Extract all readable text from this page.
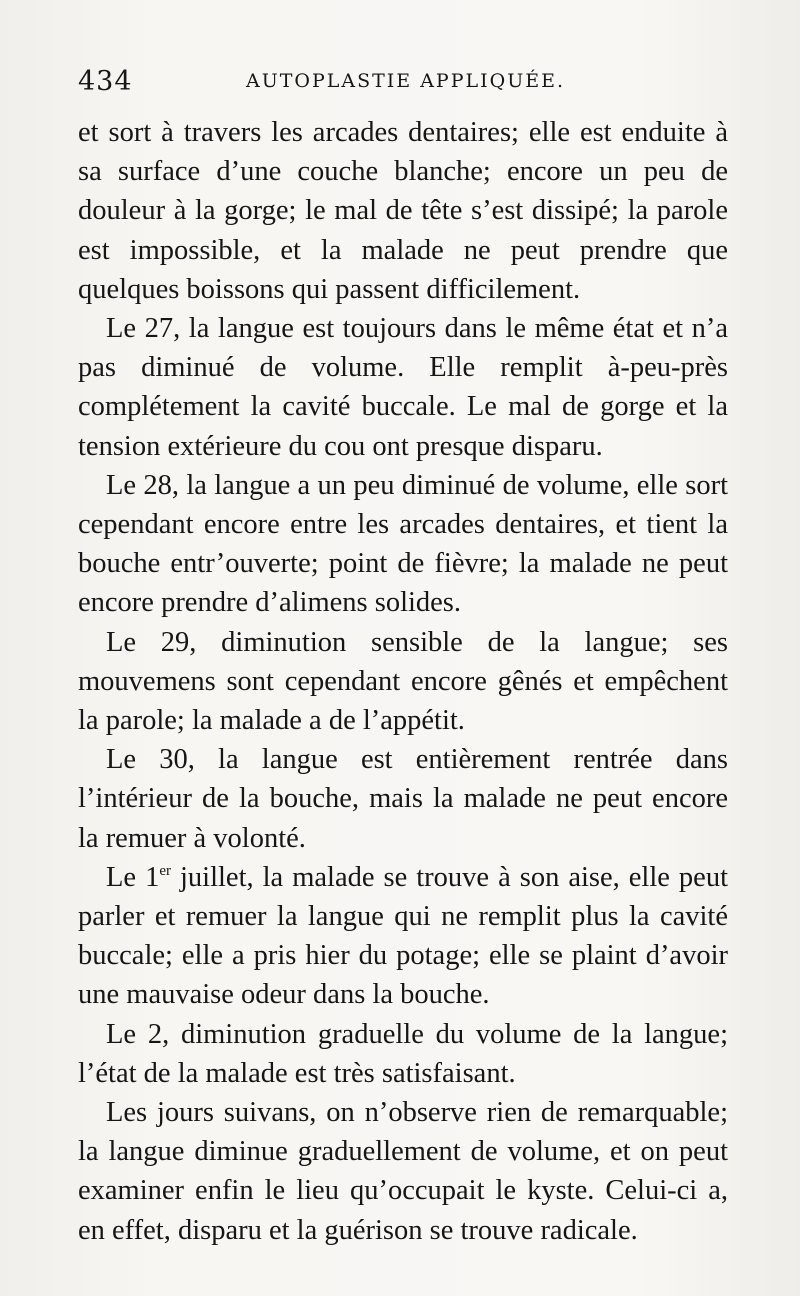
434	AUTOPLASTIE APPLIQUÉE.

et sort à travers les arcades dentaires; elle est enduite à sa surface d’une couche blanche; encore un peu de douleur à la gorge; le mal de tête s’est dissipé; la parole est impossible, et la malade ne peut prendre que quelques boissons qui passent difficilement.

Le 27, la langue est toujours dans le même état et n’a pas diminué de volume. Elle remplit à-peu-près complétement la cavité buccale. Le mal de gorge et la tension extérieure du cou ont presque disparu.

Le 28, la langue a un peu diminué de volume, elle sort cependant encore entre les arcades dentaires, et tient la bouche entr’ouverte; point de fièvre; la malade ne peut encore prendre d’alimens solides.

Le 29, diminution sensible de la langue; ses mouvemens sont cependant encore gênés et empêchent la parole; la malade a de l’appétit.

Le 30, la langue est entièrement rentrée dans l’intérieur de la bouche, mais la malade ne peut encore la remuer à volonté.

Le 1er juillet, la malade se trouve à son aise, elle peut parler et remuer la langue qui ne remplit plus la cavité buccale; elle a pris hier du potage; elle se plaint d’avoir une mauvaise odeur dans la bouche.

Le 2, diminution graduelle du volume de la langue; l’état de la malade est très satisfaisant.

Les jours suivans, on n’observe rien de remarquable; la langue diminue graduellement de volume, et on peut examiner enfin le lieu qu’occupait le kyste. Celui-ci a, en effet, disparu et la guérison se trouve radicale.
